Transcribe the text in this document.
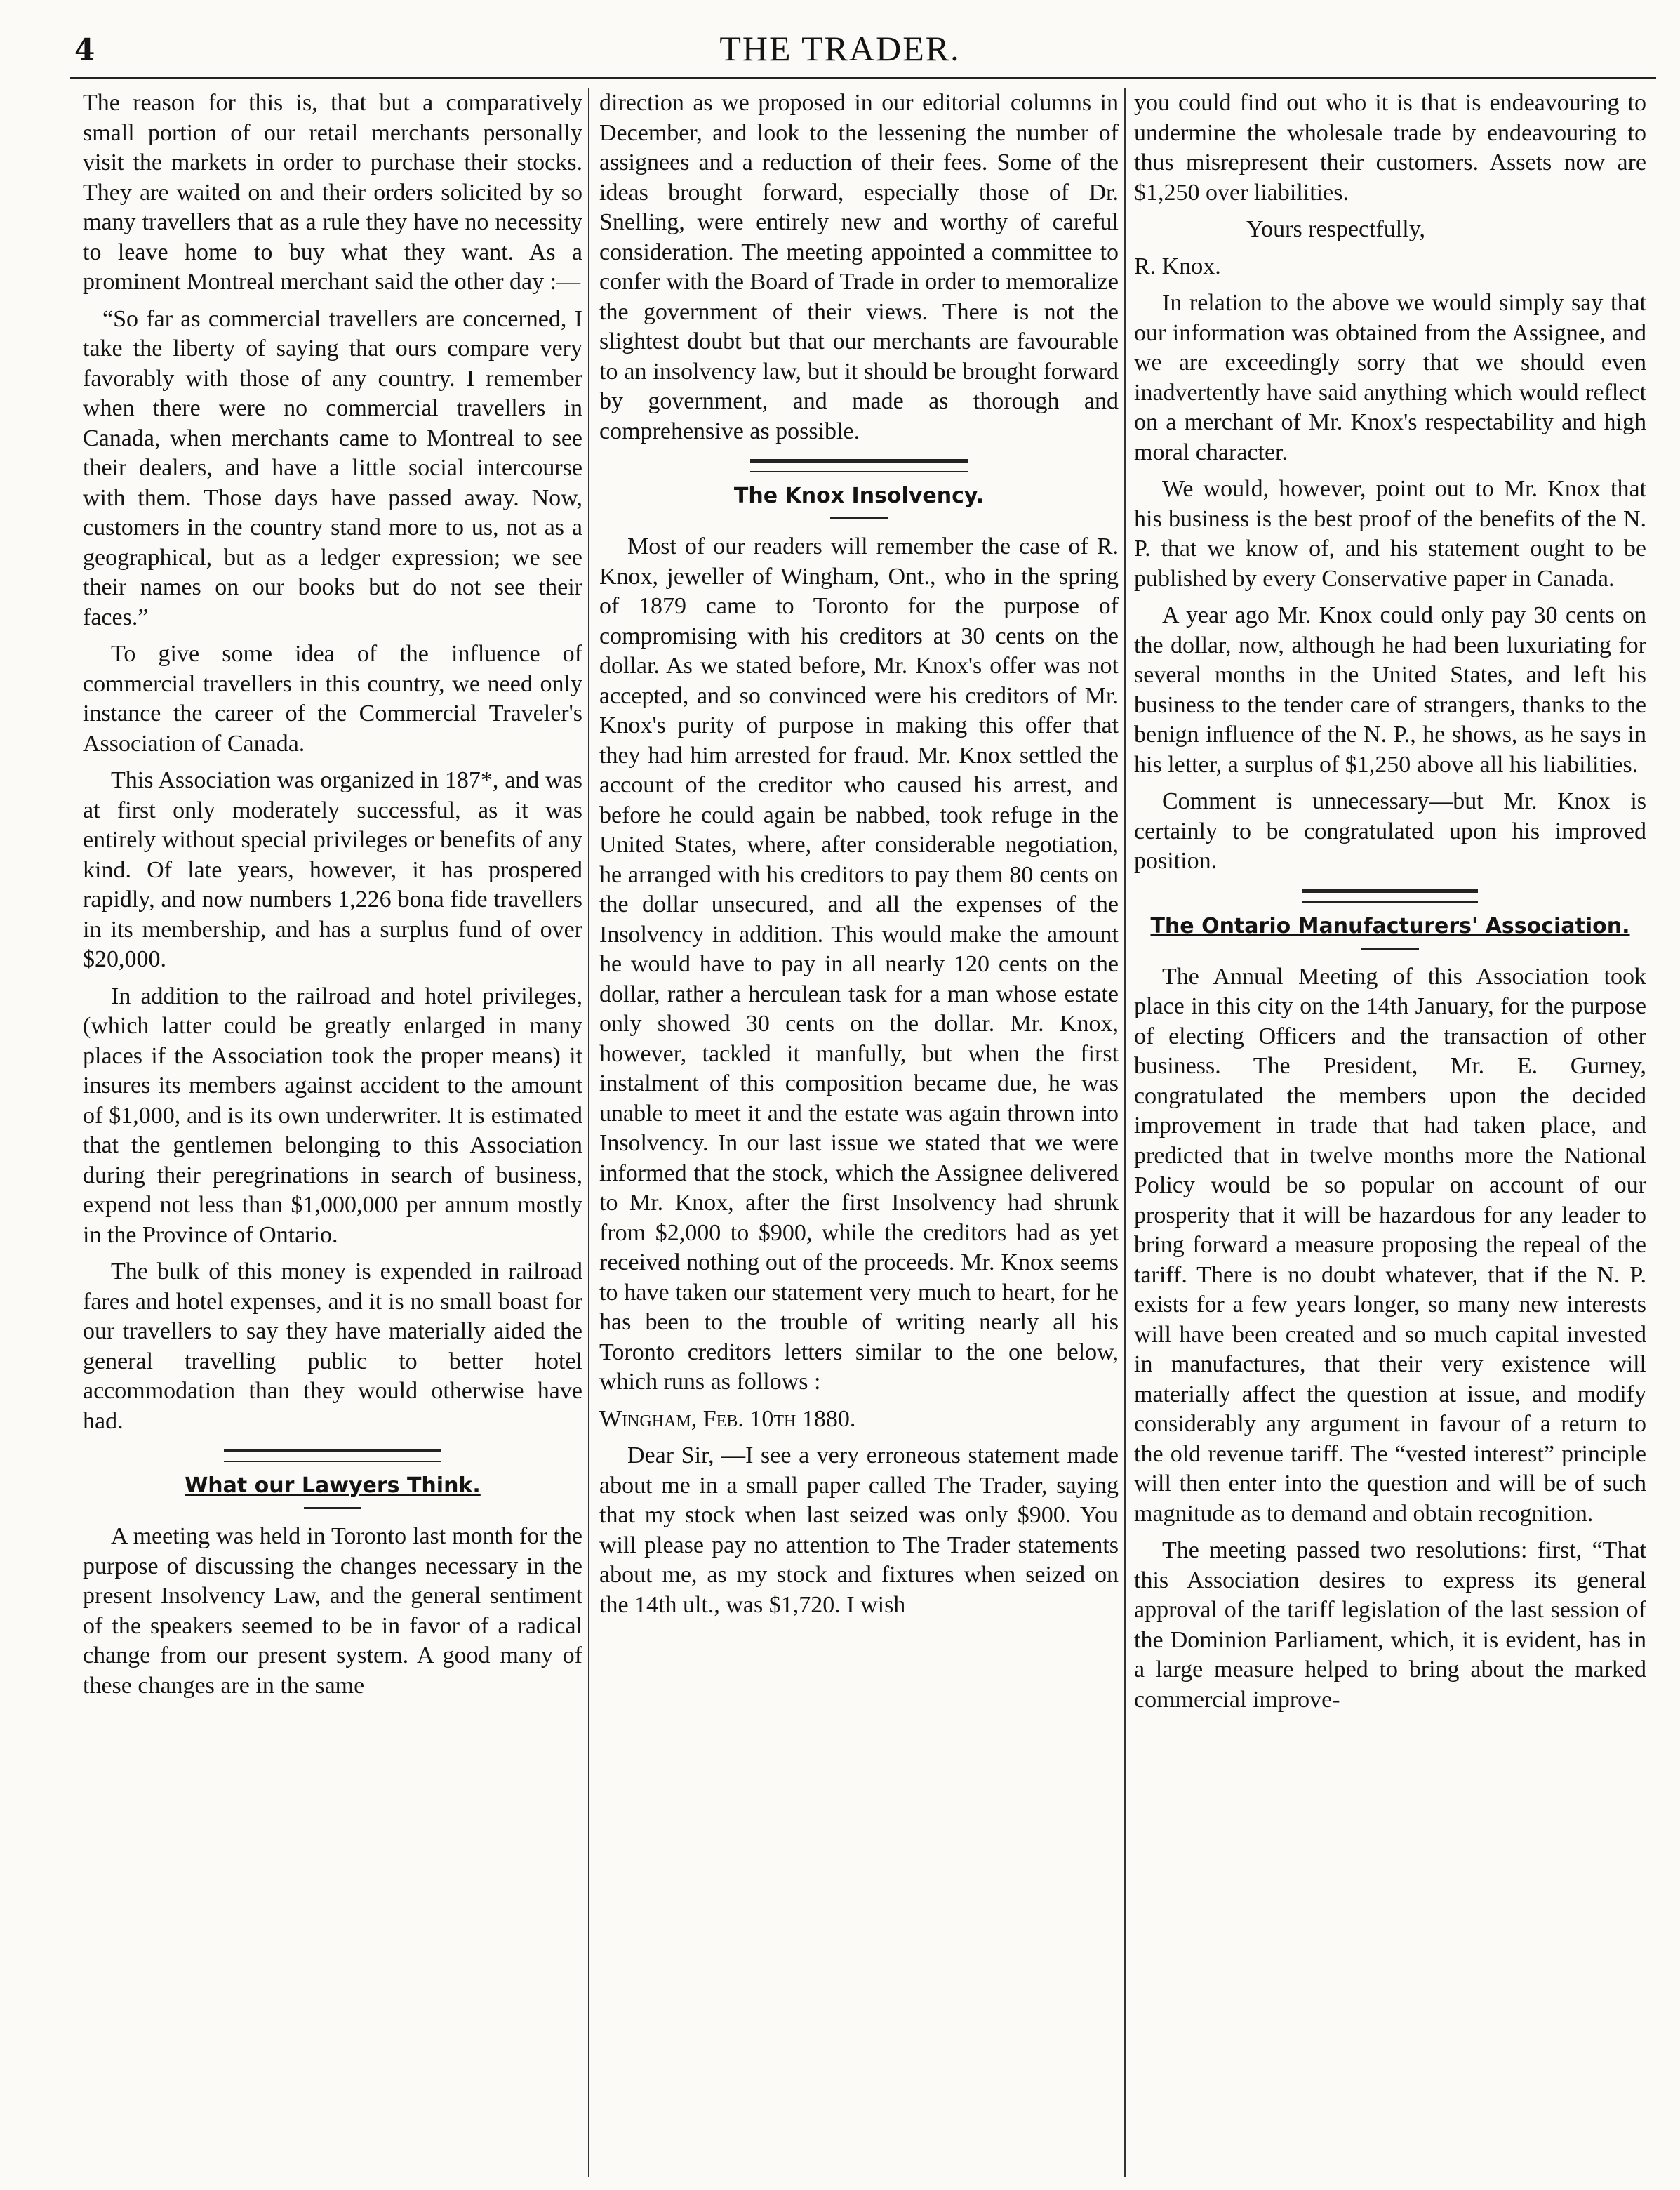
4	THE TRADER.

The reason for this is, that but a comparatively small portion of our retail merchants personally visit the markets in order to purchase their stocks. They are waited on and their orders solicited by so many travellers that as a rule they have no necessity to leave home to buy what they want. As a prominent Montreal merchant said the other day :—

“So far as commercial travellers are concerned, I take the liberty of saying that ours compare very favorably with those of any country. I remember when there were no commercial travellers in Canada, when merchants came to Montreal to see their dealers, and have a little social intercourse with them. Those days have passed away. Now, customers in the country stand more to us, not as a geographical, but as a ledger expression; we see their names on our books but do not see their faces.”

To give some idea of the influence of commercial travellers in this country, we need only instance the career of the Commercial Traveler's Association of Canada.

This Association was organized in 187*, and was at first only moderately successful, as it was entirely without special privileges or benefits of any kind. Of late years, however, it has prospered rapidly, and now numbers 1,226 bona fide travellers in its membership, and has a surplus fund of over $20,000.

In addition to the railroad and hotel privileges, (which latter could be greatly enlarged in many places if the Association took the proper means) it insures its members against accident to the amount of $1,000, and is its own underwriter. It is estimated that the gentlemen belonging to this Association during their peregrinations in search of business, expend not less than $1,000,000 per annum mostly in the Province of Ontario.

The bulk of this money is expended in railroad fares and hotel expenses, and it is no small boast for our travellers to say they have materially aided the general travelling public to better hotel accommodation than they would otherwise have had.

What our Lawyers Think.

A meeting was held in Toronto last month for the purpose of discussing the changes necessary in the present Insolvency Law, and the general sentiment of the speakers seemed to be in favor of a radical change from our present system. A good many of these changes are in the same

direction as we proposed in our editorial columns in December, and look to the lessening the number of assignees and a reduction of their fees. Some of the ideas brought forward, especially those of Dr. Snelling, were entirely new and worthy of careful consideration. The meeting appointed a committee to confer with the Board of Trade in order to memoralize the government of their views. There is not the slightest doubt but that our merchants are favourable to an insolvency law, but it should be brought forward by government, and made as thorough and comprehensive as possible.

The Knox Insolvency.

Most of our readers will remember the case of R. Knox, jeweller of Wingham, Ont., who in the spring of 1879 came to Toronto for the purpose of compromising with his creditors at 30 cents on the dollar. As we stated before, Mr. Knox's offer was not accepted, and so convinced were his creditors of Mr. Knox's purity of purpose in making this offer that they had him arrested for fraud. Mr. Knox settled the account of the creditor who caused his arrest, and before he could again be nabbed, took refuge in the United States, where, after considerable negotiation, he arranged with his creditors to pay them 80 cents on the dollar unsecured, and all the expenses of the Insolvency in addition. This would make the amount he would have to pay in all nearly 120 cents on the dollar, rather a herculean task for a man whose estate only showed 30 cents on the dollar. Mr. Knox, however, tackled it manfully, but when the first instalment of this composition became due, he was unable to meet it and the estate was again thrown into Insolvency. In our last issue we stated that we were informed that the stock, which the Assignee delivered to Mr. Knox, after the first Insolvency had shrunk from $2,000 to $900, while the creditors had as yet received nothing out of the proceeds. Mr. Knox seems to have taken our statement very much to heart, for he has been to the trouble of writing nearly all his Toronto creditors letters similar to the one below, which runs as follows :

Wingham, Feb. 10th 1880.

Dear Sir, —I see a very erroneous statement made about me in a small paper called The Trader, saying that my stock when last seized was only $900. You will please pay no attention to The Trader statements about me, as my stock and fixtures when seized on the 14th ult., was $1,720. I wish

you could find out who it is that is endeavouring to undermine the wholesale trade by endeavouring to thus misrepresent their customers. Assets now are $1,250 over liabilities.

Yours respectfully,

R. Knox.

In relation to the above we would simply say that our information was obtained from the Assignee, and we are exceedingly sorry that we should even inadvertently have said anything which would reflect on a merchant of Mr. Knox's respectability and high moral character.

We would, however, point out to Mr. Knox that his business is the best proof of the benefits of the N. P. that we know of, and his statement ought to be published by every Conservative paper in Canada.

A year ago Mr. Knox could only pay 30 cents on the dollar, now, although he had been luxuriating for several months in the United States, and left his business to the tender care of strangers, thanks to the benign influence of the N. P., he shows, as he says in his letter, a surplus of $1,250 above all his liabilities.

Comment is unnecessary—but Mr. Knox is certainly to be congratulated upon his improved position.

The Ontario Manufacturers' Association.

The Annual Meeting of this Association took place in this city on the 14th January, for the purpose of electing Officers and the transaction of other business. The President, Mr. E. Gurney, congratulated the members upon the decided improvement in trade that had taken place, and predicted that in twelve months more the National Policy would be so popular on account of our prosperity that it will be hazardous for any leader to bring forward a measure proposing the repeal of the tariff. There is no doubt whatever, that if the N. P. exists for a few years longer, so many new interests will have been created and so much capital invested in manufactures, that their very existence will materially affect the question at issue, and modify considerably any argument in favour of a return to the old revenue tariff. The “vested interest” principle will then enter into the question and will be of such magnitude as to demand and obtain recognition.

The meeting passed two resolutions: first, “That this Association desires to express its general approval of the tariff legislation of the last session of the Dominion Parliament, which, it is evident, has in a large measure helped to bring about the marked commercial improve-
